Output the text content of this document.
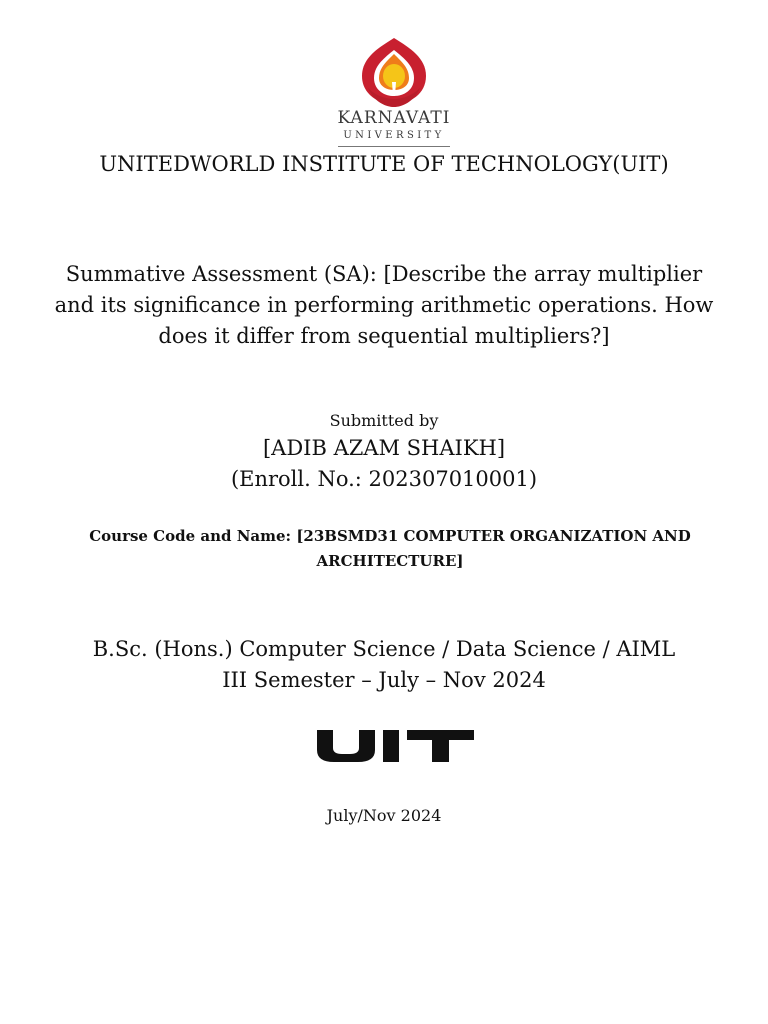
KARNAVATI
UNIVERSITY
UNITEDWORLD INSTITUTE OF TECHNOLOGY(UIT)
Summative Assessment (SA): [Describe the array multiplier and its significance in performing arithmetic operations. How does it differ from sequential multipliers?]
Submitted by
[ADIB AZAM SHAIKH]
(Enroll. No.: 202307010001)
Course Code and Name: [23BSMD31 COMPUTER ORGANIZATION AND ARCHITECTURE]
B.Sc. (Hons.) Computer Science / Data Science / AIML
III Semester – July – Nov 2024
July/Nov 2024
